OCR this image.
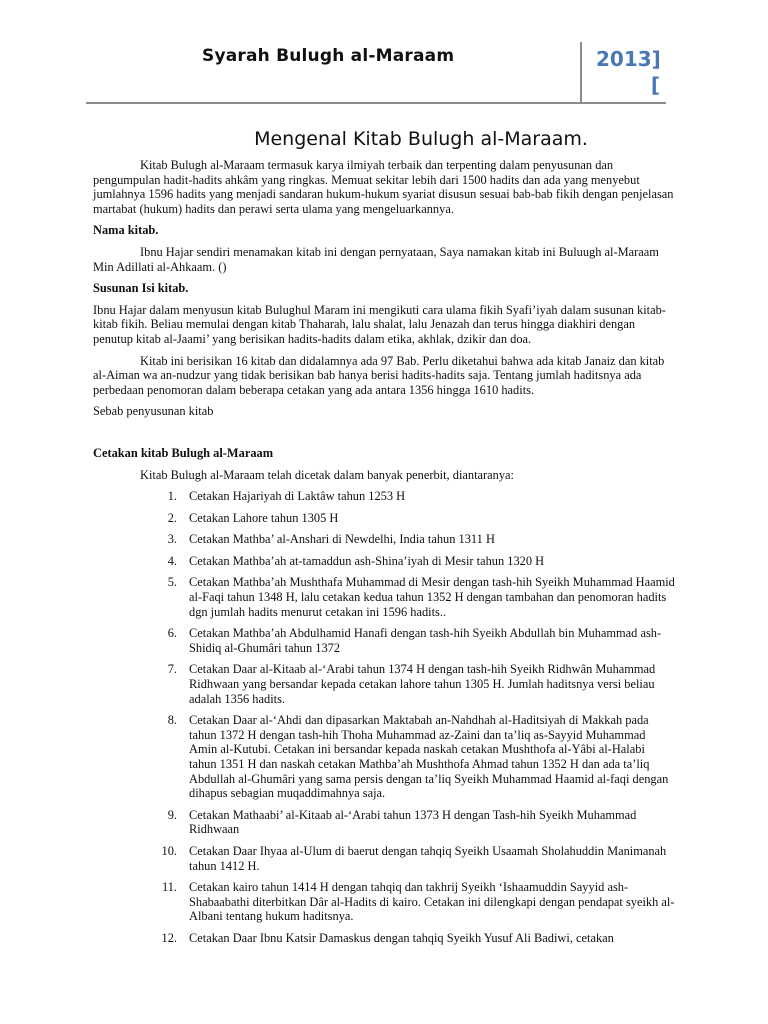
Syarah Bulugh al-Maraam	2013]
[
Mengenal Kitab Bulugh al-Maraam.

Kitab Bulugh al-Maraam termasuk karya ilmiyah terbaik dan terpenting dalam penyusunan dan pengumpulan hadit-hadits ahkâm yang ringkas. Memuat sekitar lebih dari 1500 hadits dan ada yang menyebut jumlahnya 1596 hadits yang menjadi sandaran hukum-hukum syariat disusun sesuai bab-bab fikih dengan penjelasan martabat (hukum) hadits dan perawi serta ulama yang mengeluarkannya.

Nama kitab.

Ibnu Hajar sendiri menamakan kitab ini dengan pernyataan, Saya namakan kitab ini Buluugh al-Maraam Min Adillati al-Ahkaam. ()

Susunan Isi kitab.

Ibnu Hajar dalam menyusun kitab Bulughul Maram ini mengikuti cara ulama fikih Syafi’iyah dalam susunan kitab-kitab fikih. Beliau memulai dengan kitab Thaharah, lalu shalat, lalu Jenazah dan terus hingga diakhiri dengan penutup kitab al-Jaami’ yang berisikan hadits-hadits dalam etika, akhlak, dzikir dan doa.

Kitab ini berisikan 16 kitab dan didalamnya ada 97 Bab. Perlu diketahui bahwa ada kitab Janaiz dan kitab al-Aiman wa an-nudzur yang tidak berisikan bab hanya berisi hadits-hadits saja. Tentang jumlah haditsnya ada perbedaan penomoran dalam beberapa cetakan yang ada antara 1356 hingga 1610 hadits.

Sebab penyusunan kitab

Cetakan kitab Bulugh al-Maraam

Kitab Bulugh al-Maraam telah dicetak dalam banyak penerbit, diantaranya:

1. Cetakan Hajariyah di Laktâw tahun 1253 H
2. Cetakan Lahore tahun 1305 H
3. Cetakan Mathba’ al-Anshari di Newdelhi, India tahun 1311 H
4. Cetakan Mathba’ah at-tamaddun ash-Shina’iyah di Mesir tahun 1320 H
5. Cetakan Mathba’ah Mushthafa Muhammad di Mesir dengan tash-hih Syeikh Muhammad Haamid al-Faqi tahun 1348 H, lalu cetakan kedua tahun 1352 H dengan tambahan dan penomoran hadits dgn jumlah hadits menurut cetakan ini 1596 hadits..
6. Cetakan Mathba’ah Abdulhamid Hanafi dengan tash-hih Syeikh Abdullah bin Muhammad ash-Shidiq al-Ghumâri tahun 1372
7. Cetakan Daar al-Kitaab al-‘Arabi tahun 1374 H dengan tash-hih Syeikh Ridhwân Muhammad Ridhwaan yang bersandar kepada cetakan lahore tahun 1305 H. Jumlah haditsnya versi beliau adalah 1356 hadits.
8. Cetakan Daar al-‘Ahdi dan dipasarkan Maktabah an-Nahdhah al-Haditsiyah di Makkah pada tahun 1372 H dengan tash-hih Thoha Muhammad az-Zaini dan ta’liq as-Sayyid Muhammad Amin al-Kutubi. Cetakan ini bersandar kepada naskah cetakan Mushthofa al-Yâbi al-Halabi tahun 1351 H dan naskah cetakan Mathba’ah Mushthofa Ahmad tahun 1352 H dan ada ta’liq Abdullah al-Ghumâri yang sama persis dengan ta’liq Syeikh Muhammad Haamid al-faqi dengan dihapus sebagian muqaddimahnya saja.
9. Cetakan Mathaabi’ al-Kitaab al-‘Arabi tahun 1373 H dengan Tash-hih Syeikh Muhammad Ridhwaan
10. Cetakan Daar Ihyaa al-Ulum di baerut dengan tahqiq Syeikh Usaamah Sholahuddin Manimanah tahun 1412 H.
11. Cetakan kairo tahun 1414 H dengan tahqiq dan takhrij Syeikh ‘Ishaamuddin Sayyid ash-Shabaabathi diterbitkan Dâr al-Hadits di kairo. Cetakan ini dilengkapi dengan pendapat syeikh al-Albani tentang hukum haditsnya.
12. Cetakan Daar Ibnu Katsir Damaskus dengan tahqiq Syeikh Yusuf Ali Badiwi, cetakan
